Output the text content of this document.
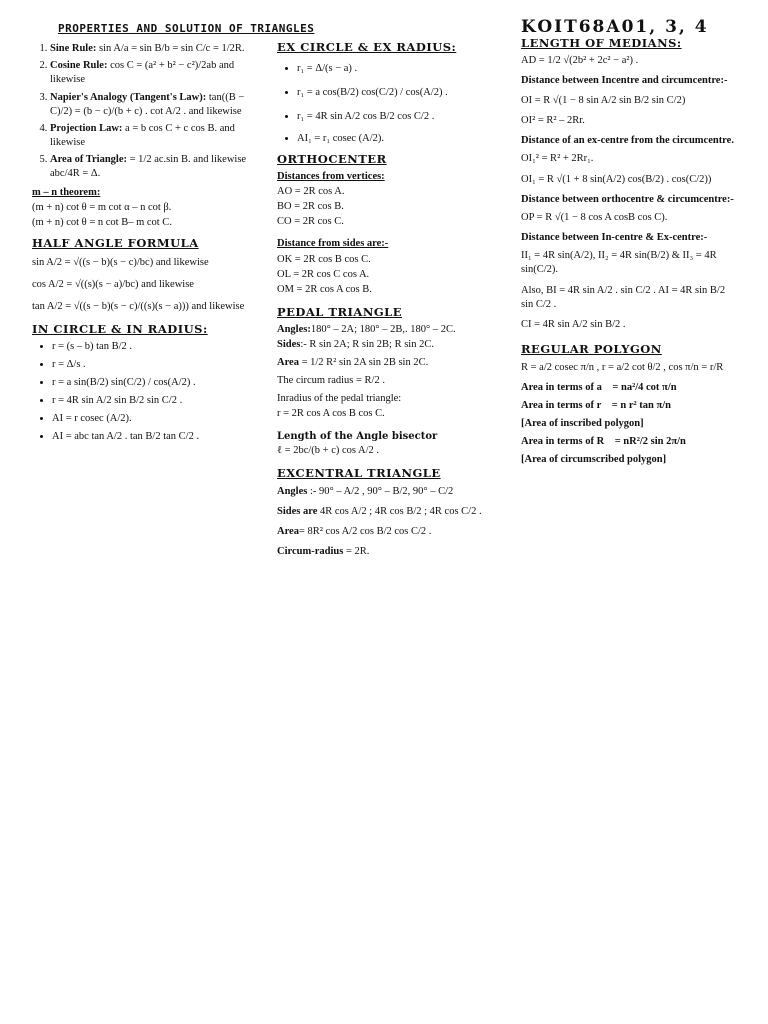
PROPERTIES AND SOLUTION OF TRIANGLES	KOIT68A01, 3, 4
1. Sine Rule: sin A/a = sin B/b = sin C/c = 1/2R.
2. Cosine Rule: cos C = (a² + b² − c²)/2ab and likewise
3. Napier's Analogy (Tangent's Law): tan((B − C)/2) = (b − c)/(b + c) . cot A/2 . and likewise
4. Projection Law: a = b cos C + c cos B. and likewise
5. Area of Triangle: = 1/2 ac.sin B. and likewise abc/4R = Δ.
m – n theorem:
(m + n) cot θ = m cot α – n cot β.
(m + n) cot θ = n cot B– m cot C.
HALF ANGLE FORMULA
sin A/2 = √((s − b)(s − c)/bc) and likewise
cos A/2 = √((s)(s − a)/bc) and likewise
tan A/2 = √((s − b)(s − c)/((s)(s − a))) and likewise
IN CIRCLE & IN RADIUS:
• r = (s – b) tan B/2 .
• r = Δ/s .
• r = a sin(B/2) sin(C/2) / cos(A/2) .
• r = 4R sin A/2 sin B/2 sin C/2 .
• AI = r cosec (A/2).
• AI = abc tan A/2 . tan B/2 tan C/2 .
EX CIRCLE & EX RADIUS:
• r₁ = Δ/(s − a) .
• r₁ = a cos(B/2) cos(C/2) / cos(A/2) .
• r₁ = 4R sin A/2 cos B/2 cos C/2 .
• AI₁ = r₁ cosec (A/2).
ORTHOCENTER
Distances from vertices:
AO = 2R cos A.
BO = 2R cos B.
CO = 2R cos C.
Distance from sides are:-
OK = 2R cos B cos C.
OL = 2R cos C cos A.
OM = 2R cos A cos B.
PEDAL TRIANGLE
Angles:180° – 2A; 180° – 2B,. 180° – 2C.
Sides:- R sin 2A; R sin 2B; R sin 2C.
Area = 1/2 R² sin 2A sin 2B sin 2C.
The circum radius = R/2 .
Inradius of the pedal triangle:
r = 2R cos A cos B cos C.
Length of the Angle bisector
ℓ = 2bc/(b + c) cos A/2 .
EXCENTRAL TRIANGLE
Angles :- 90° – A/2 , 90° – B/2, 90° – C/2
Sides are 4R cos A/2 ; 4R cos B/2 ; 4R cos C/2 .
Area= 8R² cos A/2 cos B/2 cos C/2 .
Circum-radius = 2R.
LENGTH OF MEDIANS:
AD = 1/2 √(2b² + 2c² − a²) .
Distance between Incentre and circumcentre:-
OI = R √(1 − 8 sin A/2 sin B/2 sin C/2)
OI² = R² – 2Rr.
Distance of an ex-centre from the circumcentre.
OI₁² = R² + 2Rr₁.
OI₁ = R √(1 + 8 sin(A/2) cos(B/2) . cos(C/2))
Distance between orthocentre & circumcentre:-
OP = R √(1 − 8 cos A cosB cos C).
Distance between In-centre & Ex-centre:-
II₁ = 4R sin(A/2), II₂ = 4R sin(B/2) & II₃ = 4R sin(C/2).
Also, BI = 4R sin A/2 . sin C/2 . AI = 4R sin B/2 sin C/2 .
CI = 4R sin A/2 sin B/2 .
REGULAR POLYGON
R = a/2 cosec π/n , r = a/2 cot θ/2 , cos π/n = r/R
Area in terms of a = na²/4 cot π/n
Area in terms of r = n r² tan π/n
[Area of inscribed polygon]
Area in terms of R = nR²/2 sin 2π/n
[Area of circumscribed polygon]
